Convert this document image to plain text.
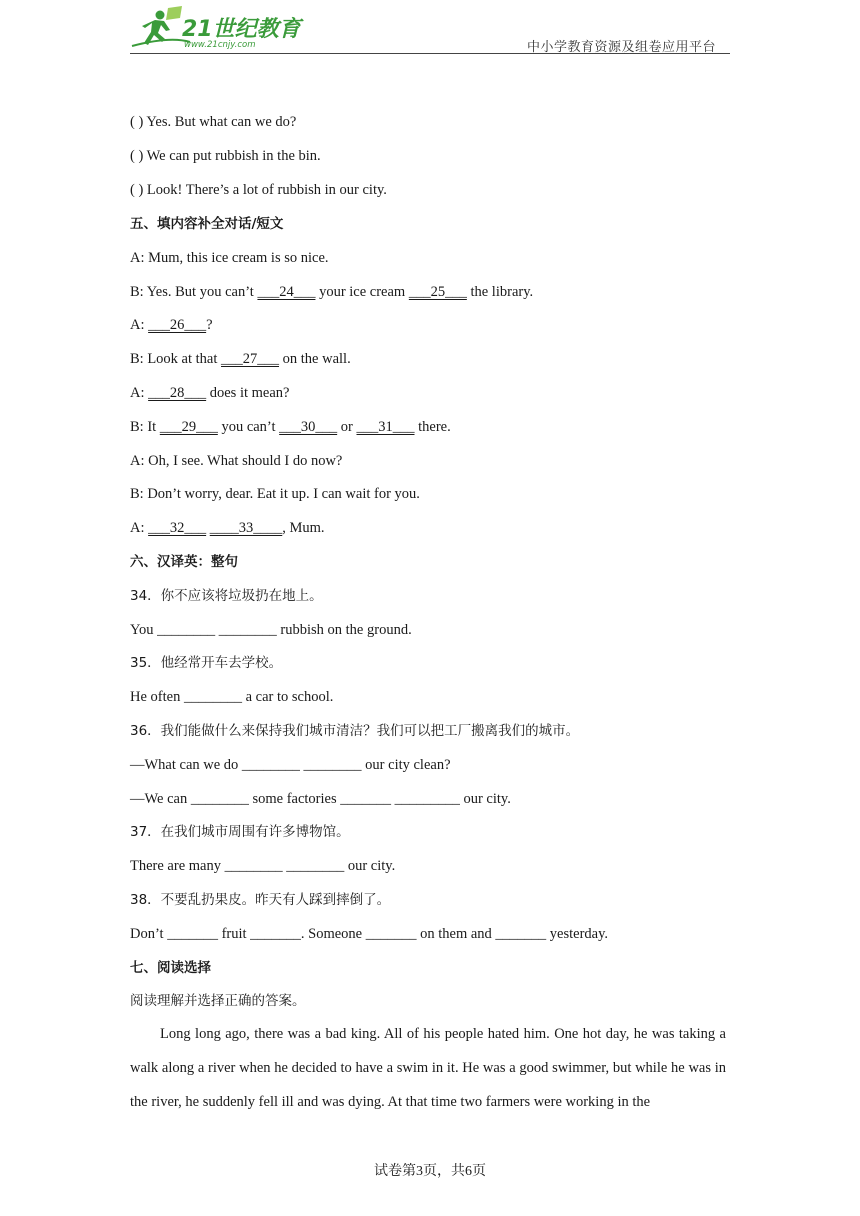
21世纪教育
www.21cnjy.com	中小学教育资源及组卷应用平台
( ) Yes. But what can we do?
( ) We can put rubbish in the bin.
( ) Look! There’s a lot of rubbish in our city.
五、填内容补全对话/短文
A: Mum, this ice cream is so nice.
B: Yes. But you can’t ___24___ your ice cream ___25___ the library.
A: ___26___?
B: Look at that ___27___ on the wall.
A: ___28___ does it mean?
B: It ___29___ you can’t ___30___ or ___31___ there.
A: Oh, I see. What should I do now?
B: Don’t worry, dear. Eat it up. I can wait for you.
A: ___32___ ____33____, Mum.
六、汉译英：整句
34．你不应该将垃圾扔在地上。
You ________ ________ rubbish on the ground.
35．他经常开车去学校。
He often ________ a car to school.
36．我们能做什么来保持我们城市清洁？我们可以把工厂搬离我们的城市。
—What can we do ________ ________ our city clean?
—We can ________ some factories _______ _________ our city.
37．在我们城市周围有许多博物馆。
There are many ________ ________ our city.
38．不要乱扔果皮。昨天有人踩到摔倒了。
Don’t _______ fruit _______. Someone _______ on them and _______ yesterday.
七、阅读选择
阅读理解并选择正确的答案。
Long long ago, there was a bad king. All of his people hated him. One hot day, he was taking a walk along a river when he decided to have a swim in it. He was a good swimmer, but while he was in the river, he suddenly fell ill and was dying. At that time two farmers were working in the
试卷第3页，共6页
